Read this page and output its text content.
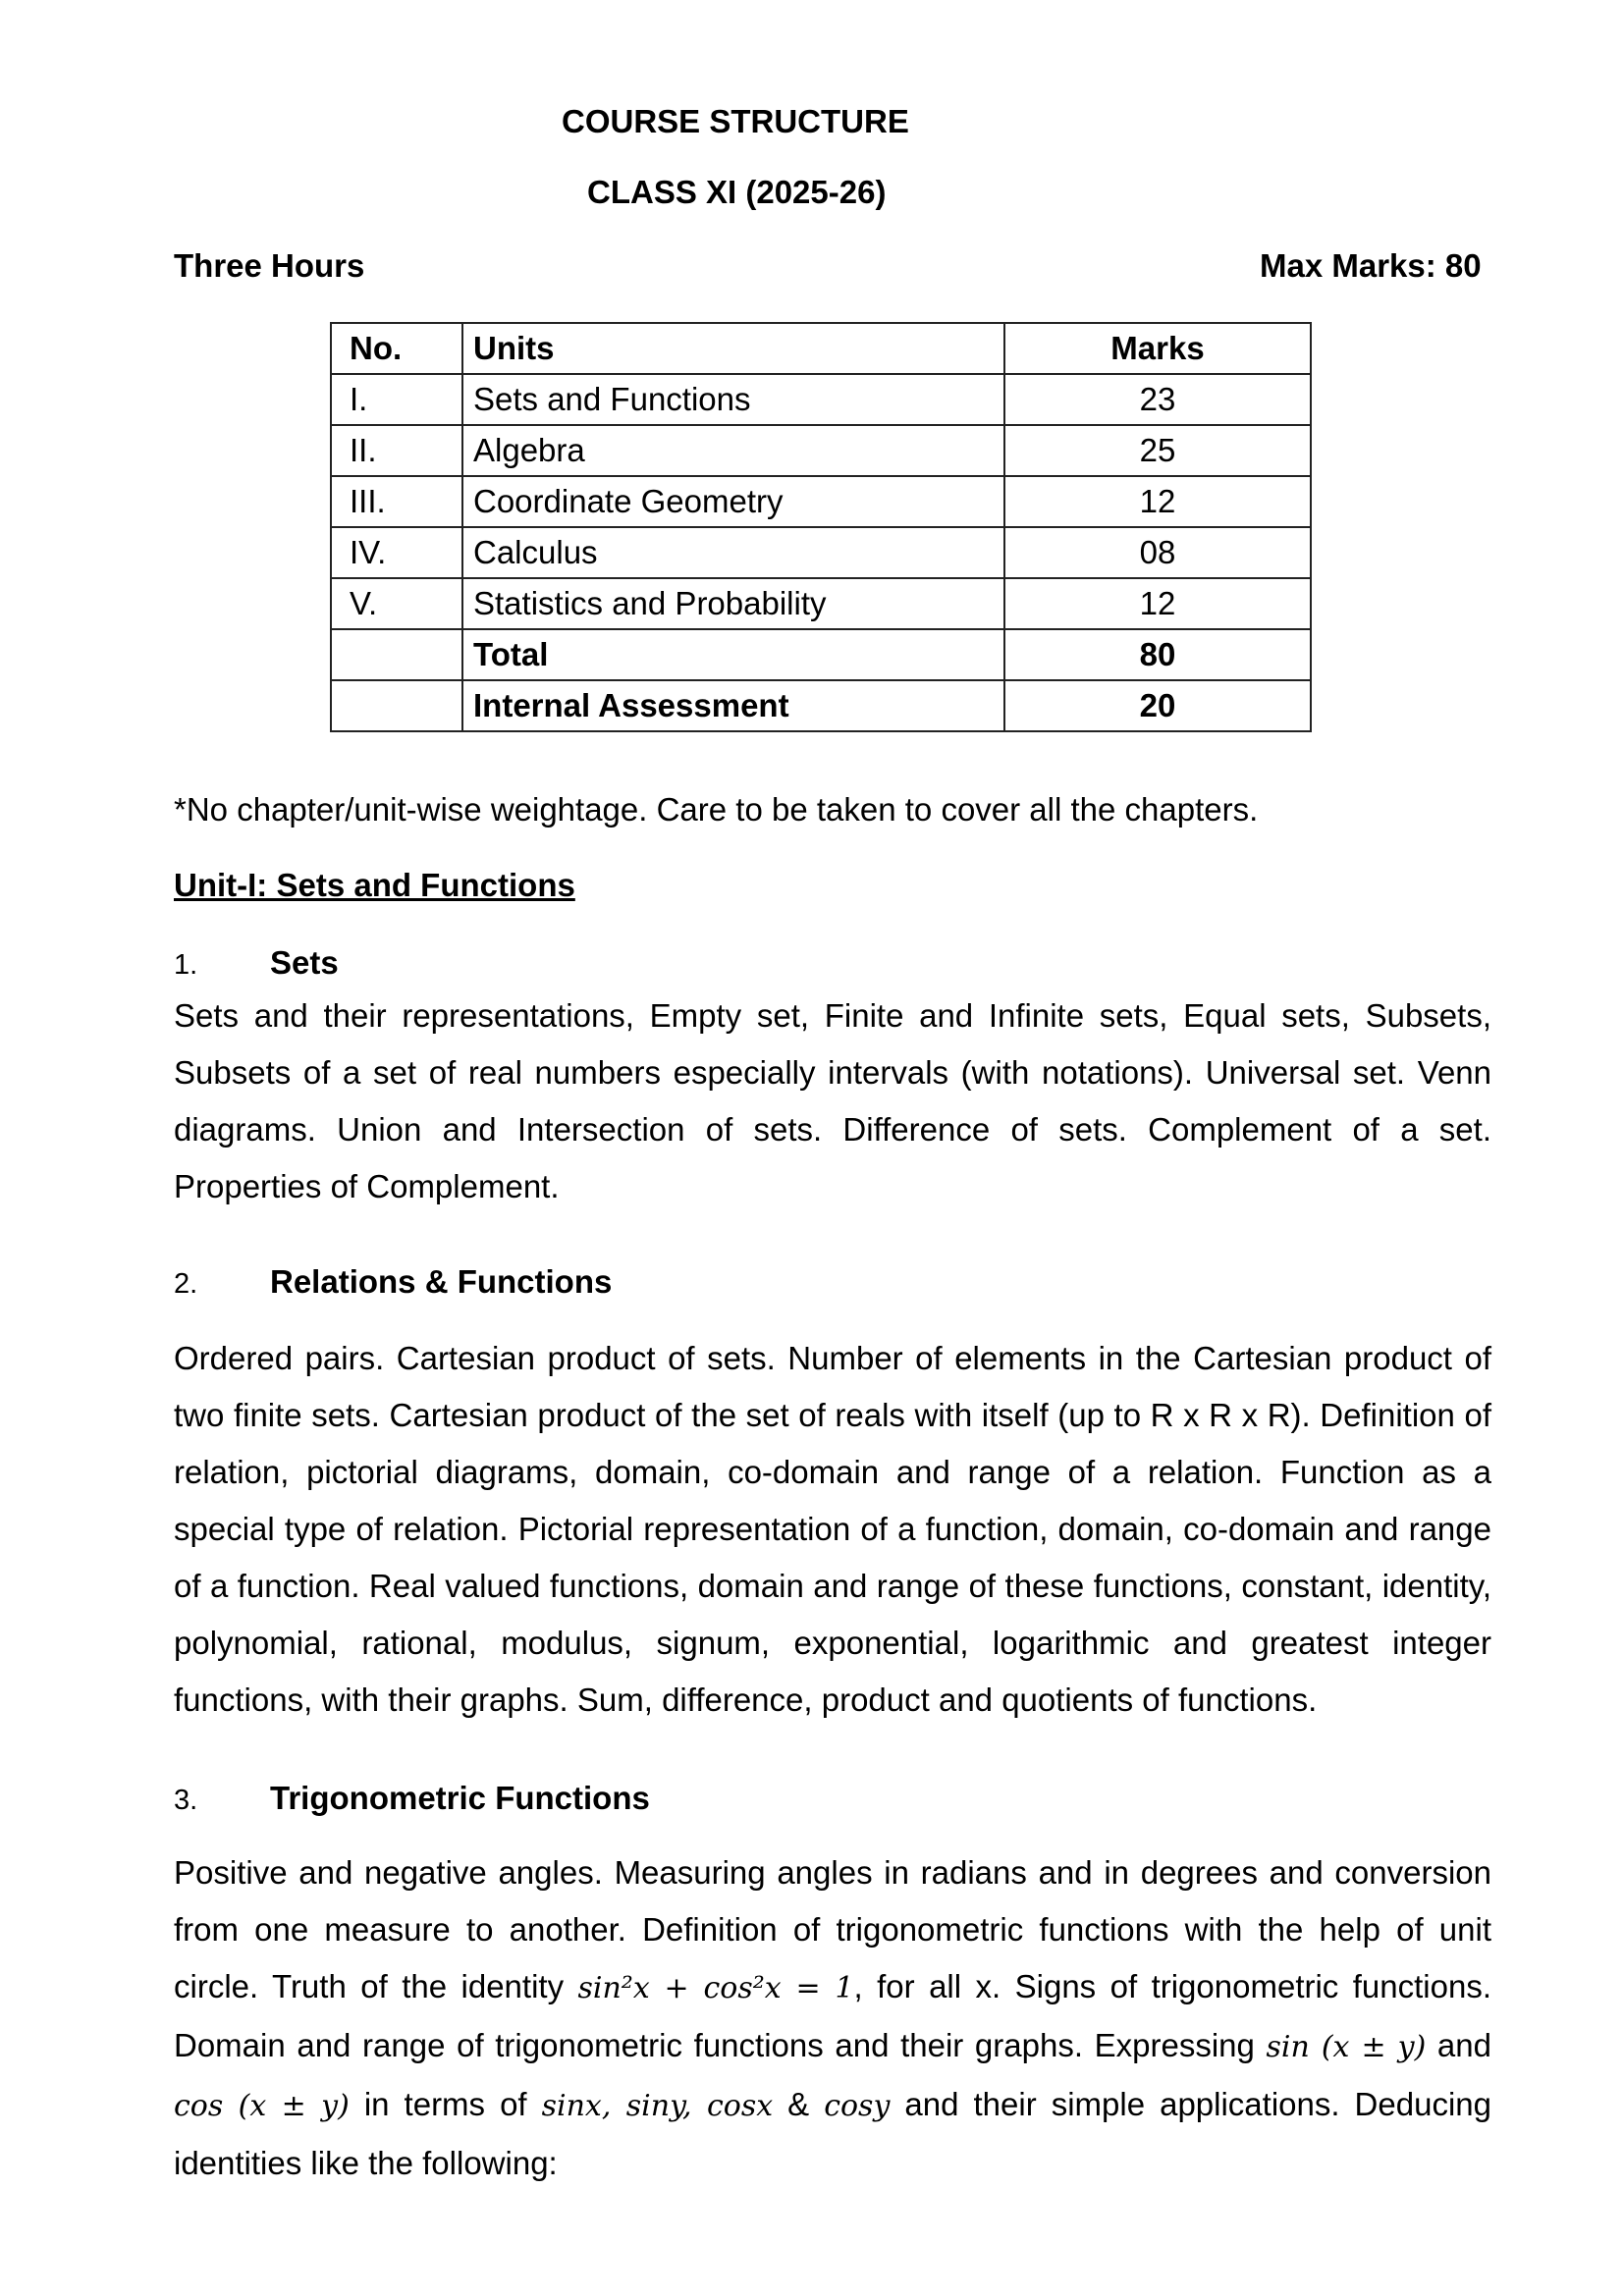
COURSE STRUCTURE
CLASS XI (2025-26)
Three Hours	Max Marks: 80
No.	Units	Marks
I.	Sets and Functions	23
II.	Algebra	25
III.	Coordinate Geometry	12
IV.	Calculus	08
V.	Statistics and Probability	12
	Total	80
	Internal Assessment	20
*No chapter/unit-wise weightage. Care to be taken to cover all the chapters.
Unit-I: Sets and Functions
1. Sets
Sets and their representations, Empty set, Finite and Infinite sets, Equal sets, Subsets, Subsets of a set of real numbers especially intervals (with notations). Universal set. Venn diagrams. Union and Intersection of sets. Difference of sets. Complement of a set. Properties of Complement.
2. Relations & Functions
Ordered pairs. Cartesian product of sets. Number of elements in the Cartesian product of two finite sets. Cartesian product of the set of reals with itself (up to R x R x R). Definition of relation, pictorial diagrams, domain, co-domain and range of a relation. Function as a special type of relation. Pictorial representation of a function, domain, co-domain and range of a function. Real valued functions, domain and range of these functions, constant, identity, polynomial, rational, modulus, signum, exponential, logarithmic and greatest integer functions, with their graphs. Sum, difference, product and quotients of functions.
3. Trigonometric Functions
Positive and negative angles. Measuring angles in radians and in degrees and conversion from one measure to another. Definition of trigonometric functions with the help of unit circle. Truth of the identity sin²x + cos²x = 1, for all x. Signs of trigonometric functions. Domain and range of trigonometric functions and their graphs. Expressing sin (x ± y) and cos (x ± y) in terms of sinx, siny, cosx & cosy and their simple applications. Deducing identities like the following:
